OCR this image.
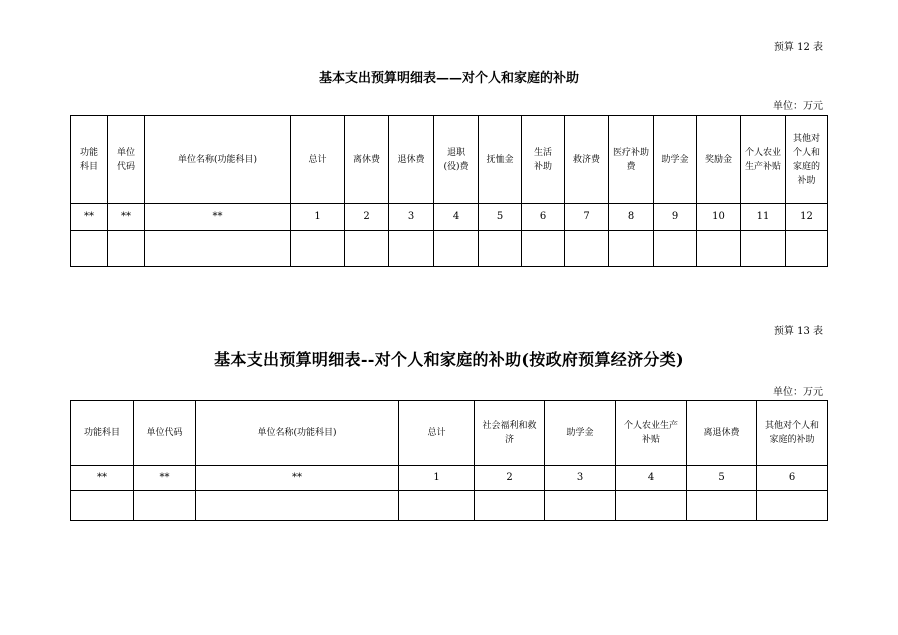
预算 12 表
基本支出预算明细表——对个人和家庭的补助
单位：万元
功能科目	单位代码	单位名称(功能科目)	总计	离休费	退休费	退职(役)费	抚恤金	生活补助	救济费	医疗补助费	助学金	奖励金	个人农业生产补贴	其他对个人和家庭的补助
**	**	**	1	2	3	4	5	6	7	8	9	10	11	12

预算 13 表
基本支出预算明细表--对个人和家庭的补助(按政府预算经济分类)
单位：万元
功能科目	单位代码	单位名称(功能科目)	总计	社会福利和救济	助学金	个人农业生产补贴	离退休费	其他对个人和家庭的补助
**	**	**	1	2	3	4	5	6
